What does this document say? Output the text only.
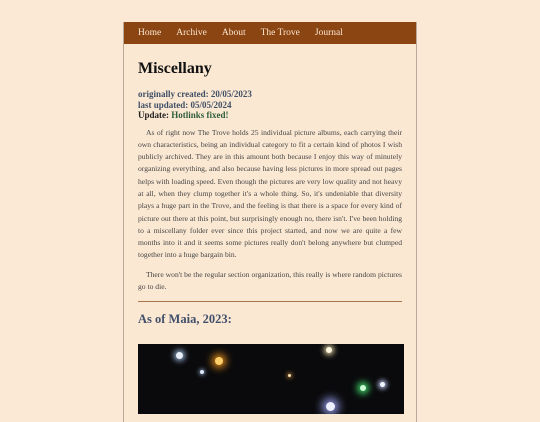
Home Archive About The Trove Journal
Miscellany
originally created: 20/05/2023
last updated: 05/05/2024
Update: Hotlinks fixed!

As of right now The Trove holds 25 individual picture albums, each carrying their own characteristics, being an individual category to fit a certain kind of photos I wish publicly archived. They are in this amount both because I enjoy this way of minutely organizing everything, and also because having less pictures in more spread out pages helps with loading speed. Even though the pictures are very low quality and not heavy at all, when they clump together it's a whole thing. So, it's undeniable that diversity plays a huge part in the Trove, and the feeling is that there is a space for every kind of picture out there at this point, but surprisingly enough no, there isn't. I've been holding to a miscellany folder ever since this project started, and now we are quite a few months into it and it seems some pictures really don't belong anywhere but clumped together into a huge bargain bin.

There won't be the regular section organization, this really is where random pictures go to die.

As of Maia, 2023:
